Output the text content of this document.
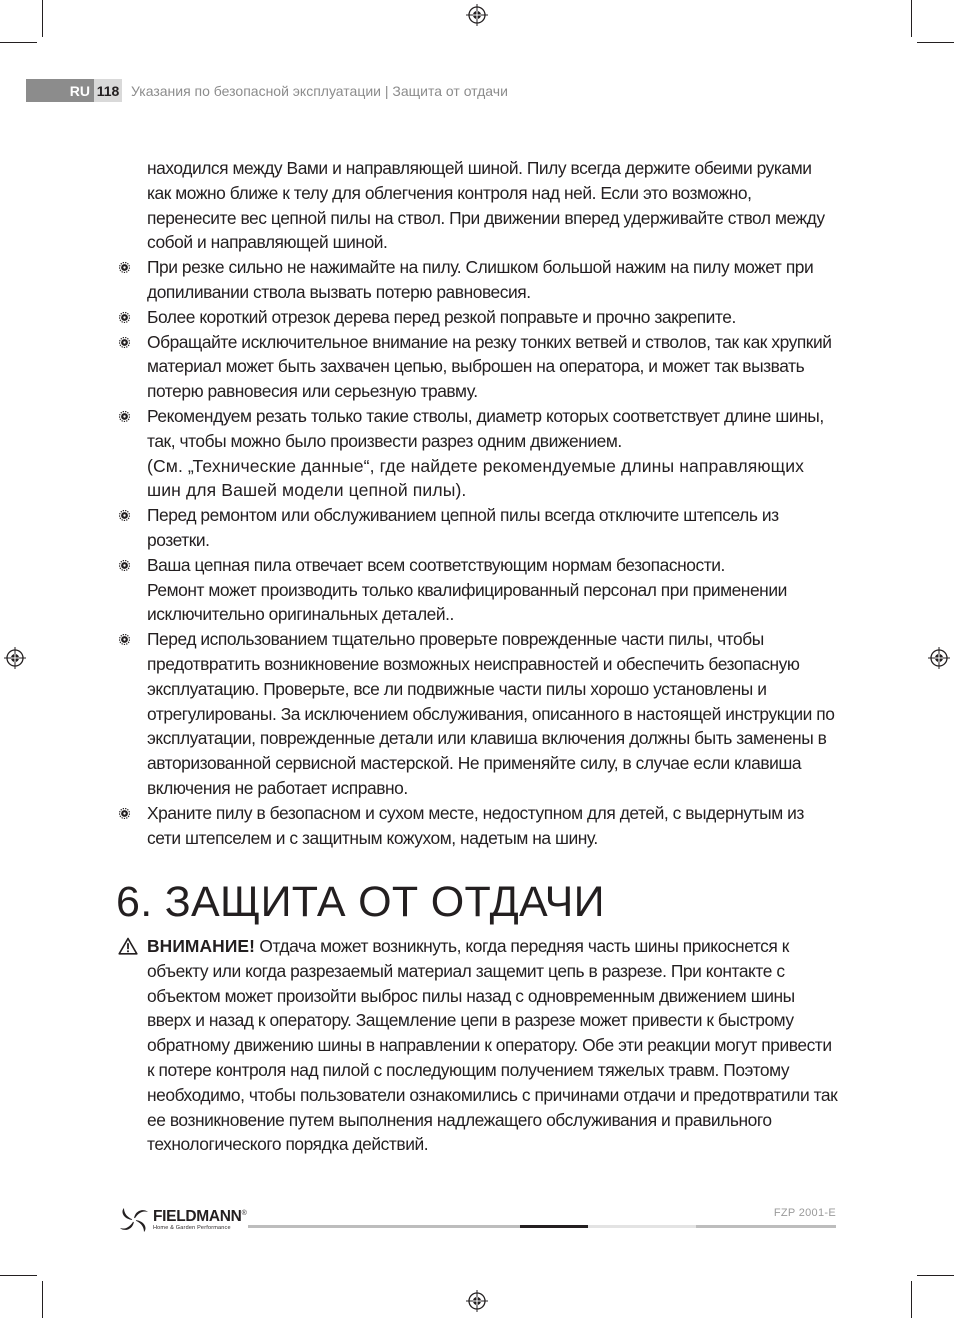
RU 118 Указания по безопасной эксплуатации | Защита от отдачи

находился между Вами и направляющей шиной. Пилу всегда держите обеими руками как можно ближе к телу для облегчения контроля над ней. Если это возможно, перенесите вес цепной пилы на ствол. При движении вперед удерживайте ствол между собой и направляющей шиной.

При резке сильно не нажимайте на пилу. Слишком большой нажим на пилу может при допиливании ствола вызвать потерю равновесия.
Более короткий отрезок дерева перед резкой поправьте и прочно закрепите.
Обращайте исключительное внимание на резку тонких ветвей и стволов, так как хрупкий материал может быть захвачен цепью, выброшен на оператора, и может так вызвать потерю равновесия или серьезную травму.
Рекомендуем резать только такие стволы, диаметр которых соответствует длине шины, так, чтобы можно было произвести разрез одним движением.
(См. „Технические данные“, где найдете рекомендуемые длины направляющих шин для Вашей модели цепной пилы).
Перед ремонтом или обслуживанием цепной пилы всегда отключите штепсель из розетки.
Ваша цепная пила отвечает всем соответствующим нормам безопасности.
Ремонт может производить только квалифицированный персонал при применении исключительно оригинальных деталей..
Перед использованием тщательно проверьте поврежденные части пилы, чтобы предотвратить возникновение возможных неисправностей и обеспечить безопасную эксплуатацию. Проверьте, все ли подвижные части пилы хорошо установлены и отрегулированы. За исключением обслуживания, описанного в настоящей инструкции по эксплуатации, поврежденные детали или клавиша включения должны быть заменены в авторизованной сервисной мастерской. Не применяйте силу, в случае если клавиша включения не работает исправно.
Храните пилу в безопасном и сухом месте, недоступном для детей, с выдернутым из сети штепселем и с защитным кожухом, надетым на шину.
6. ЗАЩИТА ОТ ОТДАЧИ
ВНИМАНИЕ! Отдача может возникнуть, когда передняя часть шины прикоснется к объекту или когда разрезаемый материал защемит цепь в разрезе. При контакте с объектом может произойти выброс пилы назад с одновременным движением шины вверх и назад к оператору. Защемление цепи в разрезе может привести к быстрому обратному движению шины в направлении к оператору. Обе эти реакции могут привести к потере контроля над пилой с последующим получением тяжелых травм. Поэтому необходимо, чтобы пользователи ознакомились с причинами отдачи и предотвратили так ее возникновение путем выполнения надлежащего обслуживания и правильного технологического порядка действий.
FIELDMANN®
Home & Garden Performance
FZP 2001-E
